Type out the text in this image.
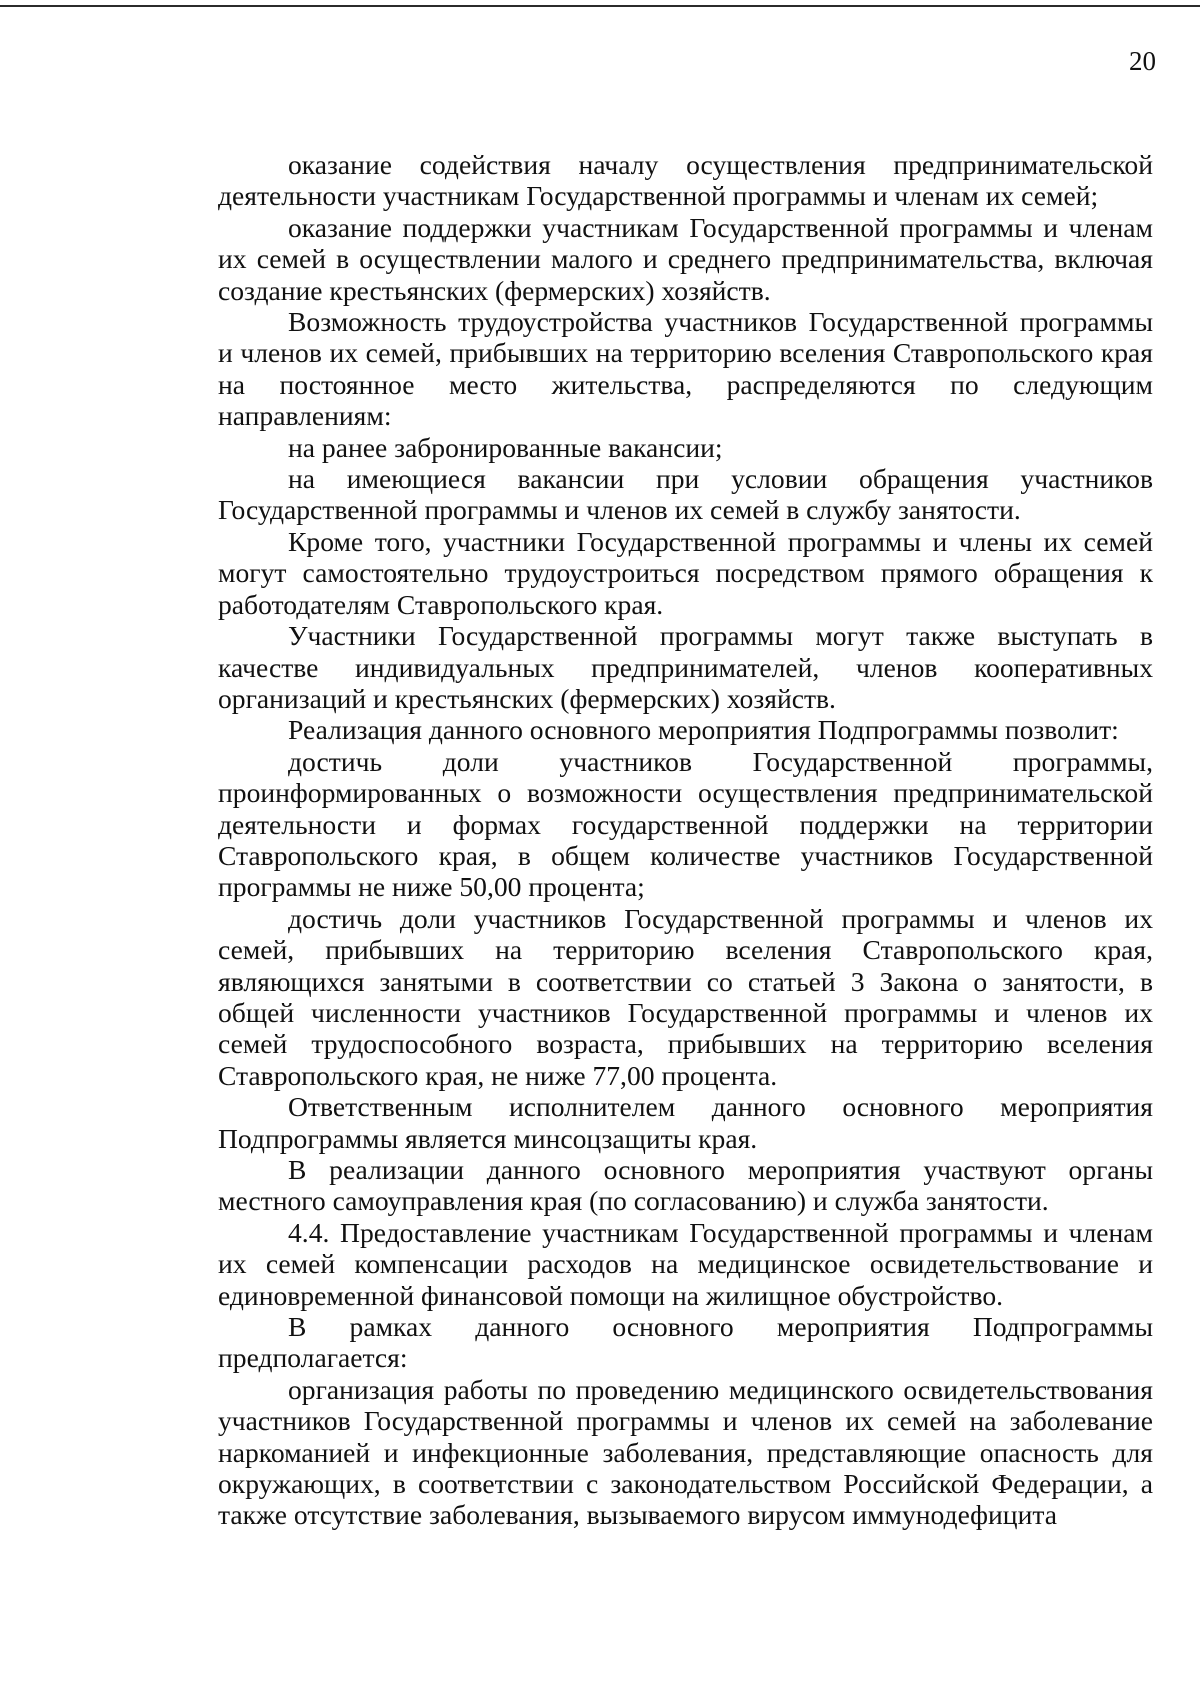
20

оказание содействия началу осуществления предпринимательской деятельности участникам Государственной программы и членам их семей;

оказание поддержки участникам Государственной программы и членам их семей в осуществлении малого и среднего предпринимательства, включая создание крестьянских (фермерских) хозяйств.

Возможность трудоустройства участников Государственной программы и членов их семей, прибывших на территорию вселения Ставропольского края на постоянное место жительства, распределяются по следующим направлениям:

на ранее забронированные вакансии;

на имеющиеся вакансии при условии обращения участников Государственной программы и членов их семей в службу занятости.

Кроме того, участники Государственной программы и члены их семей могут самостоятельно трудоустроиться посредством прямого обращения к работодателям Ставропольского края.

Участники Государственной программы могут также выступать в качестве индивидуальных предпринимателей, членов кооперативных организаций и крестьянских (фермерских) хозяйств.

Реализация данного основного мероприятия Подпрограммы позволит:

достичь доли участников Государственной программы, проинформированных о возможности осуществления предпринимательской деятельности и формах государственной поддержки на территории Ставропольского края, в общем количестве участников Государственной программы не ниже 50,00 процента;

достичь доли участников Государственной программы и членов их семей, прибывших на территорию вселения Ставропольского края, являющихся занятыми в соответствии со статьей 3 Закона о занятости, в общей численности участников Государственной программы и членов их семей трудоспособного возраста, прибывших на территорию вселения Ставропольского края, не ниже 77,00 процента.

Ответственным исполнителем данного основного мероприятия Подпрограммы является минсоцзащиты края.

В реализации данного основного мероприятия участвуют органы местного самоуправления края (по согласованию) и служба занятости.

4.4. Предоставление участникам Государственной программы и членам их семей компенсации расходов на медицинское освидетельствование и единовременной финансовой помощи на жилищное обустройство.

В рамках данного основного мероприятия Подпрограммы предполагается:

организация работы по проведению медицинского освидетельствования участников Государственной программы и членов их семей на заболевание наркоманией и инфекционные заболевания, представляющие опасность для окружающих, в соответствии с законодательством Российской Федерации, а также отсутствие заболевания, вызываемого вирусом иммунодефицита
